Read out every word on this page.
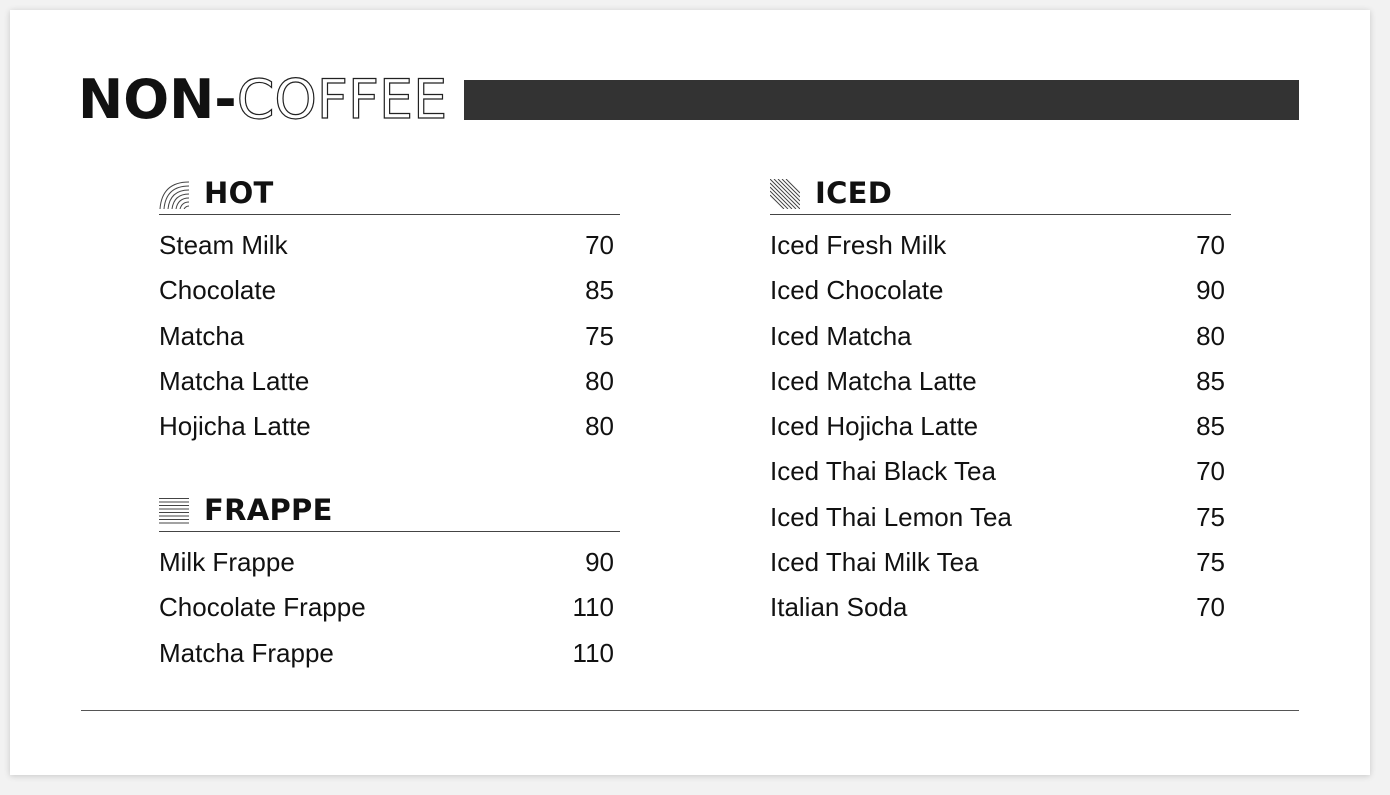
NON-COFFEE
HOT
Steam Milk	70
Chocolate	85
Matcha	75
Matcha Latte	80
Hojicha Latte	80
FRAPPE
Milk Frappe	90
Chocolate Frappe	110
Matcha Frappe	110
ICED
Iced Fresh Milk	70
Iced Chocolate	90
Iced Matcha	80
Iced Matcha Latte	85
Iced Hojicha Latte	85
Iced Thai Black Tea	70
Iced Thai Lemon Tea	75
Iced Thai Milk Tea	75
Italian Soda	70
